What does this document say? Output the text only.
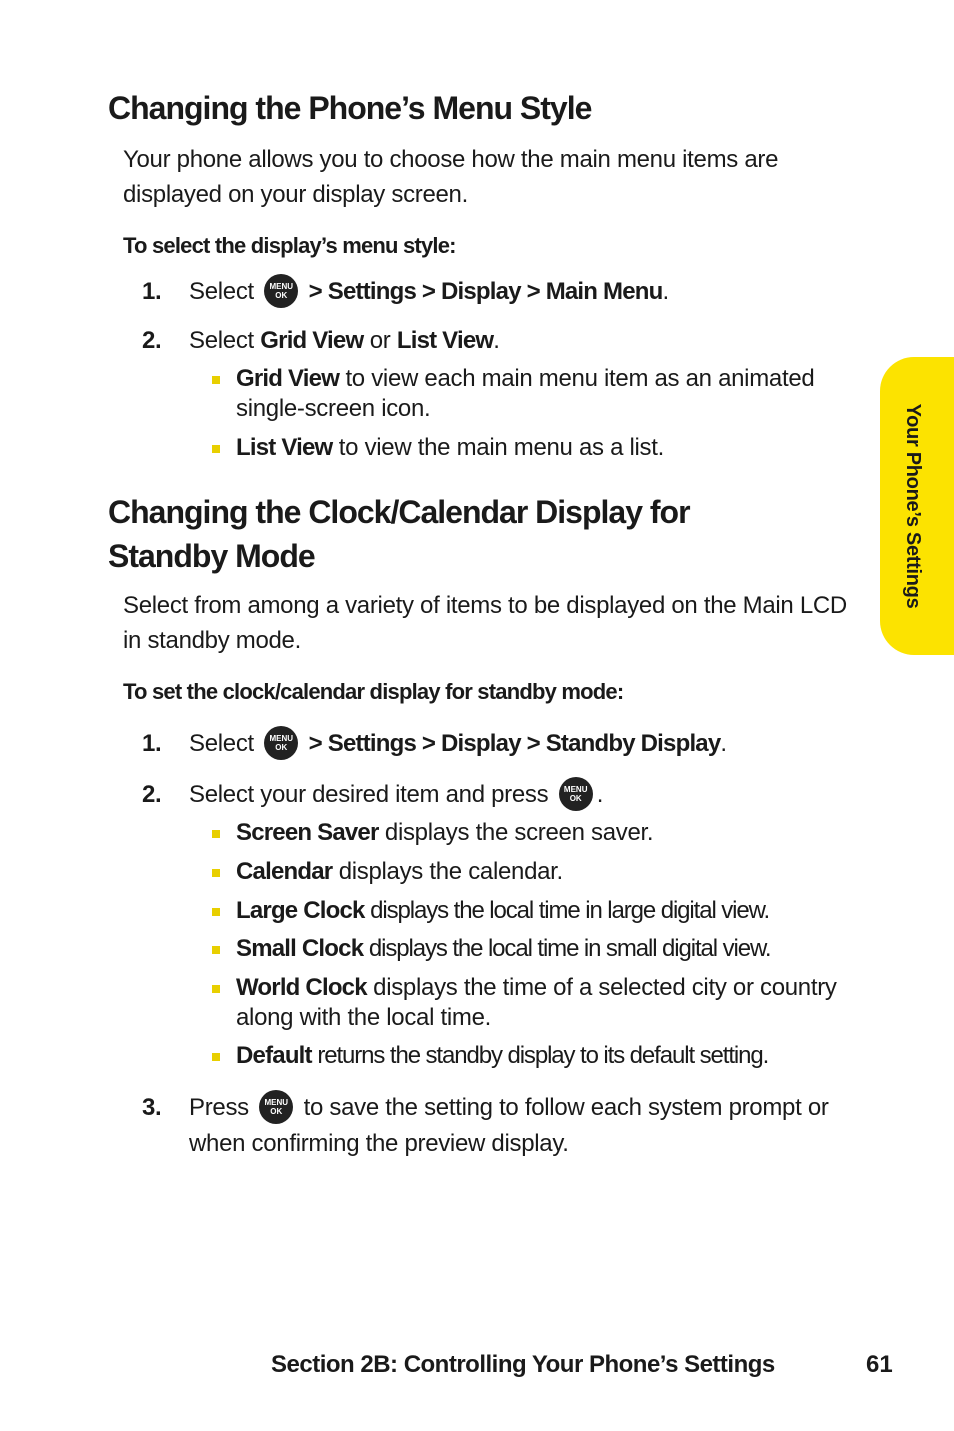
Changing the Phone’s Menu Style

Your phone allows you to choose how the main menu items are displayed on your display screen.

To select the display’s menu style:

1. Select	MENU
OK > Settings > Display > Main Menu.
2. Select Grid View or List View.
Grid View to view each main menu item as an animated single-screen icon.
List View to view the main menu as a list.
Changing the Clock/Calendar Display for
Standby Mode

Select from among a variety of items to be displayed on the Main LCD in standby mode.

To set the clock/calendar display for standby mode:

1. Select	MENU
OK > Settings > Display > Standby Display.
2. Select your desired item and press	MENU
OK .
Screen Saver displays the screen saver.
Calendar displays the calendar.
Large Clock displays the local time in large digital view.
Small Clock displays the local time in small digital view.
World Clock displays the time of a selected city or country along with the local time.
Default returns the standby display to its default setting.
3. Press	MENU
OK to save the setting to follow each system prompt or when confirming the preview display.
Your Phone’s Settings

Section 2B: Controlling Your Phone’s Settings	61
